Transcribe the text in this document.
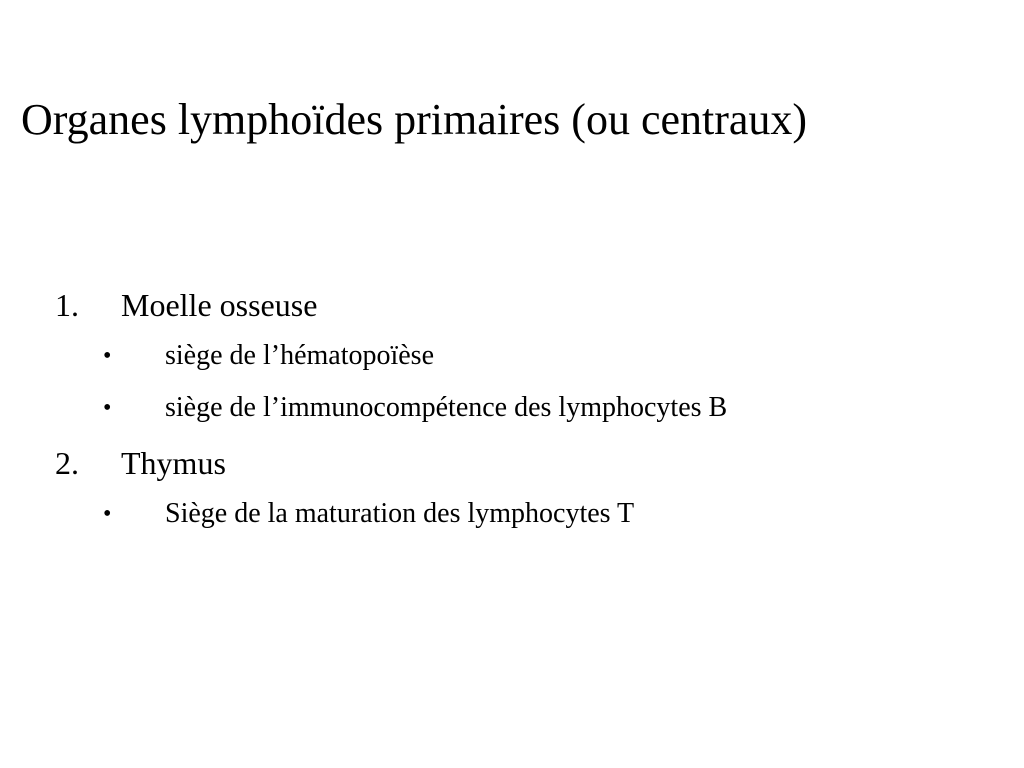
Organes lymphoïdes primaires (ou centraux)
1. Moelle osseuse
• siège de l’hématopoïèse
• siège de l’immunocompétence des lymphocytes B
2. Thymus
• Siège de la maturation des lymphocytes T
